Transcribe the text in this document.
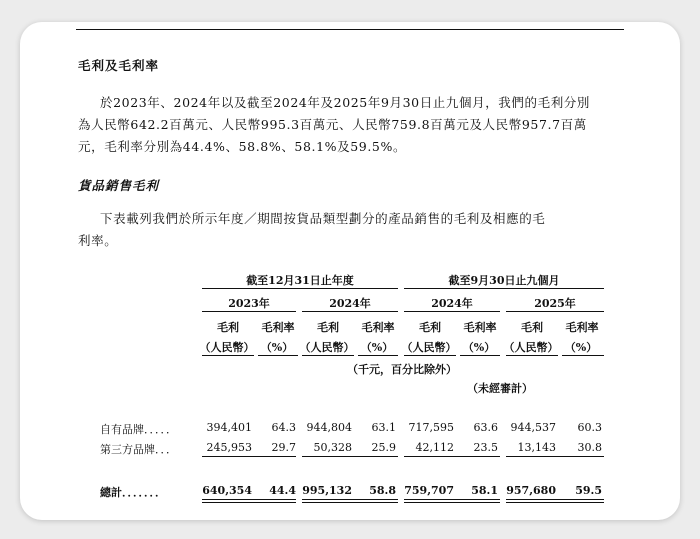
毛利及毛利率
於2023年、2024年以及截至2024年及2025年9月30日止九個月，我們的毛利分別
為人民幣642.2百萬元、人民幣995.3百萬元、人民幣759.8百萬元及人民幣957.7百萬
元，毛利率分別為44.4%、58.8%、58.1%及59.5%。
貨品銷售毛利
下表載列我們於所示年度／期間按貨品類型劃分的產品銷售的毛利及相應的毛
利率。
截至12月31日止年度	截至9月30日止九個月
2023年	2024年	2024年	2025年
毛利	毛利率	毛利	毛利率	毛利	毛利率	毛利	毛利率
（人民幣） （%） （人民幣） （%） （人民幣） （%） （人民幣） （%）
（千元，百分比除外）
（未經審計）
自有品牌．．．．．	394,401	64.3 944,804	63.1	717,595	63.6	944,537	60.3
第三方品牌．．．	245,953	29.7	50,328	25.9	42,112	23.5	13,143	30.8
總計．．．．．．．	640,354	44.4 995,132	58.8 759,707	58.1 957,680	59.5
